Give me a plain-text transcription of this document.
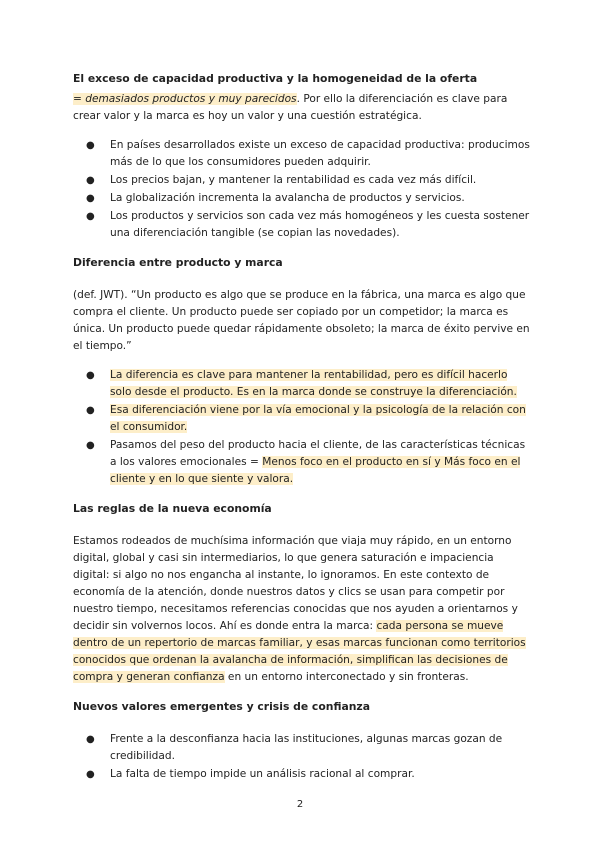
El exceso de capacidad productiva y la homogeneidad de la oferta

= demasiados productos y muy parecidos. Por ello la diferenciación es clave para crear valor y la marca es hoy un valor y una cuestión estratégica.

● En países desarrollados existe un exceso de capacidad productiva: producimos más de lo que los consumidores pueden adquirir.
● Los precios bajan, y mantener la rentabilidad es cada vez más difícil.
● La globalización incrementa la avalancha de productos y servicios.
● Los productos y servicios son cada vez más homogéneos y les cuesta sostener una diferenciación tangible (se copian las novedades).
Diferencia entre producto y marca

(def. JWT). “Un producto es algo que se produce en la fábrica, una marca es algo que compra el cliente. Un producto puede ser copiado por un competidor; la marca es única. Un producto puede quedar rápidamente obsoleto; la marca de éxito pervive en el tiempo.”

● La diferencia es clave para mantener la rentabilidad, pero es difícil hacerlo solo desde el producto. Es en la marca donde se construye la diferenciación.
● Esa diferenciación viene por la vía emocional y la psicología de la relación con el consumidor.
● Pasamos del peso del producto hacia el cliente, de las características técnicas a los valores emocionales = Menos foco en el producto en sí y Más foco en el cliente y en lo que siente y valora.
Las reglas de la nueva economía

Estamos rodeados de muchísima información que viaja muy rápido, en un entorno digital, global y casi sin intermediarios, lo que genera saturación e impaciencia digital: si algo no nos engancha al instante, lo ignoramos. En este contexto de economía de la atención, donde nuestros datos y clics se usan para competir por nuestro tiempo, necesitamos referencias conocidas que nos ayuden a orientarnos y decidir sin volvernos locos. Ahí es donde entra la marca: cada persona se mueve dentro de un repertorio de marcas familiar, y esas marcas funcionan como territorios conocidos que ordenan la avalancha de información, simplifican las decisiones de compra y generan confianza en un entorno interconectado y sin fronteras.

Nuevos valores emergentes y crisis de confianza
● Frente a la desconfianza hacia las instituciones, algunas marcas gozan de credibilidad.
● La falta de tiempo impide un análisis racional al comprar.
2
